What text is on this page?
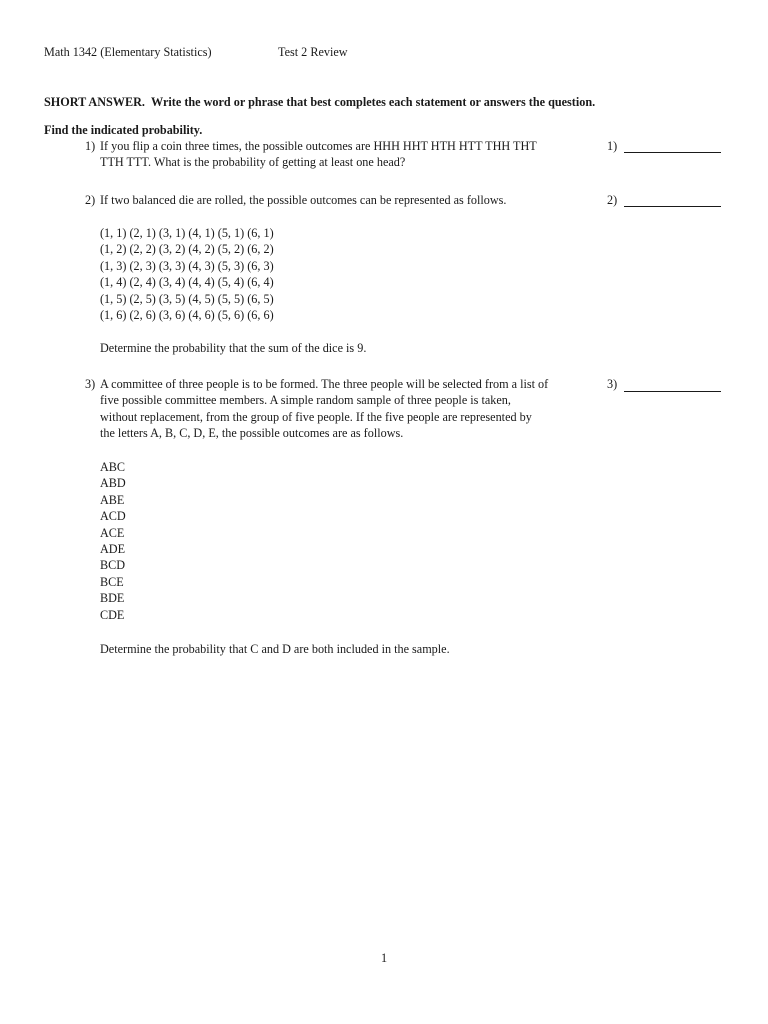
Math 1342 (Elementary Statistics)	Test 2 Review
SHORT ANSWER. Write the word or phrase that best completes each statement or answers the question.
Find the indicated probability.
1) If you flip a coin three times, the possible outcomes are HHH HHT HTH HTT THH THT
TTH TTT. What is the probability of getting at least one head?
1)
2) If two balanced die are rolled, the possible outcomes can be represented as follows.	2)
(1, 1) (2, 1) (3, 1) (4, 1) (5, 1) (6, 1)
(1, 2) (2, 2) (3, 2) (4, 2) (5, 2) (6, 2)
(1, 3) (2, 3) (3, 3) (4, 3) (5, 3) (6, 3)
(1, 4) (2, 4) (3, 4) (4, 4) (5, 4) (6, 4)
(1, 5) (2, 5) (3, 5) (4, 5) (5, 5) (6, 5)
(1, 6) (2, 6) (3, 6) (4, 6) (5, 6) (6, 6)
Determine the probability that the sum of the dice is 9.
3) A committee of three people is to be formed. The three people will be selected from a list of
five possible committee members. A simple random sample of three people is taken,
without replacement, from the group of five people. If the five people are represented by
the letters A, B, C, D, E, the possible outcomes are as follows.
3)
ABC
ABD
ABE
ACD
ACE
ADE
BCD
BCE
BDE
CDE
Determine the probability that C and D are both included in the sample.
1
